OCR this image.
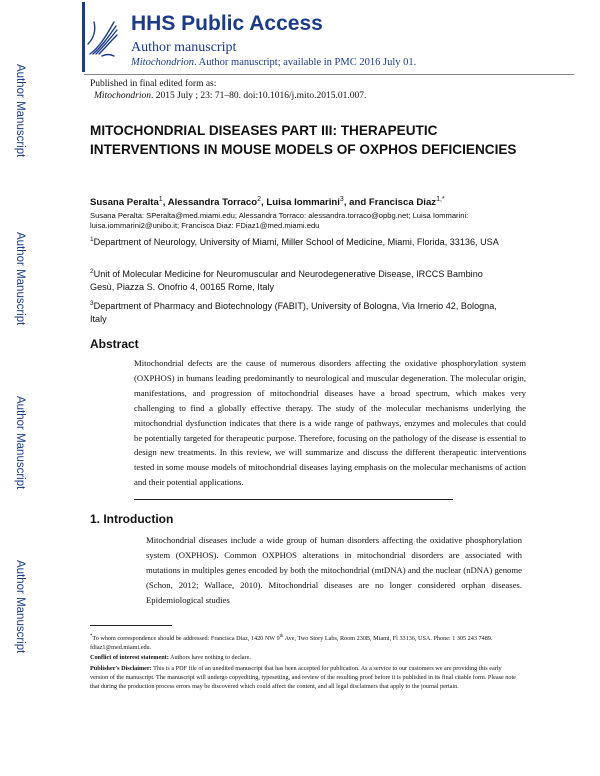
HHS Public Access
Author manuscript
Mitochondrion. Author manuscript; available in PMC 2016 July 01.
Published in final edited form as:
Mitochondrion. 2015 July ; 23: 71–80. doi:10.1016/j.mito.2015.01.007.
Author Manuscript
Author Manuscript
Author Manuscript
Author Manuscript
MITOCHONDRIAL DISEASES PART III: THERAPEUTIC INTERVENTIONS IN MOUSE MODELS OF OXPHOS DEFICIENCIES
Susana Peralta$^1$, Alessandra Torraco$^2$, Luisa Iommarini$^3$, and Francisca Diaz$^{1,*}$
Susana Peralta: SPeralta@med.miami.edu; Alessandra Torraco: alessandra.torraco@opbg.net; Luisa Iommarini: luisa.iommarini2@unibo.it; Francisca Diaz: FDiaz1@med.miami.edu
$^1$Department of Neurology, University of Miami, Miller School of Medicine, Miami, Florida, 33136, USA
$^2$Unit of Molecular Medicine for Neuromuscular and Neurodegenerative Disease, IRCCS Bambino Gesù, Piazza S. Onofrio 4, 00165 Rome, Italy
$^3$Department of Pharmacy and Biotechnology (FABIT), University of Bologna, Via Irnerio 42, Bologna, Italy
Abstract
Mitochondrial defects are the cause of numerous disorders affecting the oxidative phosphorylation system (OXPHOS) in humans leading predominantly to neurological and muscular degeneration. The molecular origin, manifestations, and progression of mitochondrial diseases have a broad spectrum, which makes very challenging to find a globally effective therapy. The study of the molecular mechanisms underlying the mitochondrial dysfunction indicates that there is a wide range of pathways, enzymes and molecules that could be potentially targeted for therapeutic purpose. Therefore, focusing on the pathology of the disease is essential to design new treatments. In this review, we will summarize and discuss the different therapeutic interventions tested in some mouse models of mitochondrial diseases laying emphasis on the molecular mechanisms of action and their potential applications.
1. Introduction
Mitochondrial diseases include a wide group of human disorders affecting the oxidative phosphorylation system (OXPHOS). Common OXPHOS alterations in mitochondrial disorders are associated with mutations in multiples genes encoded by both the mitochondrial (mtDNA) and the nuclear (nDNA) genome (Schon, 2012; Wallace, 2010). Mitochondrial diseases are no longer considered orphan diseases. Epidemiological studies

*To whom correspondence should be addressed: Francisca Diaz, 1420 NW 9th Ave, Two Story Labs, Room 230B, Miami, Fl 33136, USA. Phone: 1 305 243 7489. fdiaz1@med.miami.edu.

Conflict of interest statement: Authors have nothing to declare.

Publisher's Disclaimer: This is a PDF file of an unedited manuscript that has been accepted for publication. As a service to our customers we are providing this early version of the manuscript. The manuscript will undergo copyediting, typesetting, and review of the resulting proof before it is published in its final citable form. Please note that during the production process errors may be discovered which could affect the content, and all legal disclaimers that apply to the journal pertain.
